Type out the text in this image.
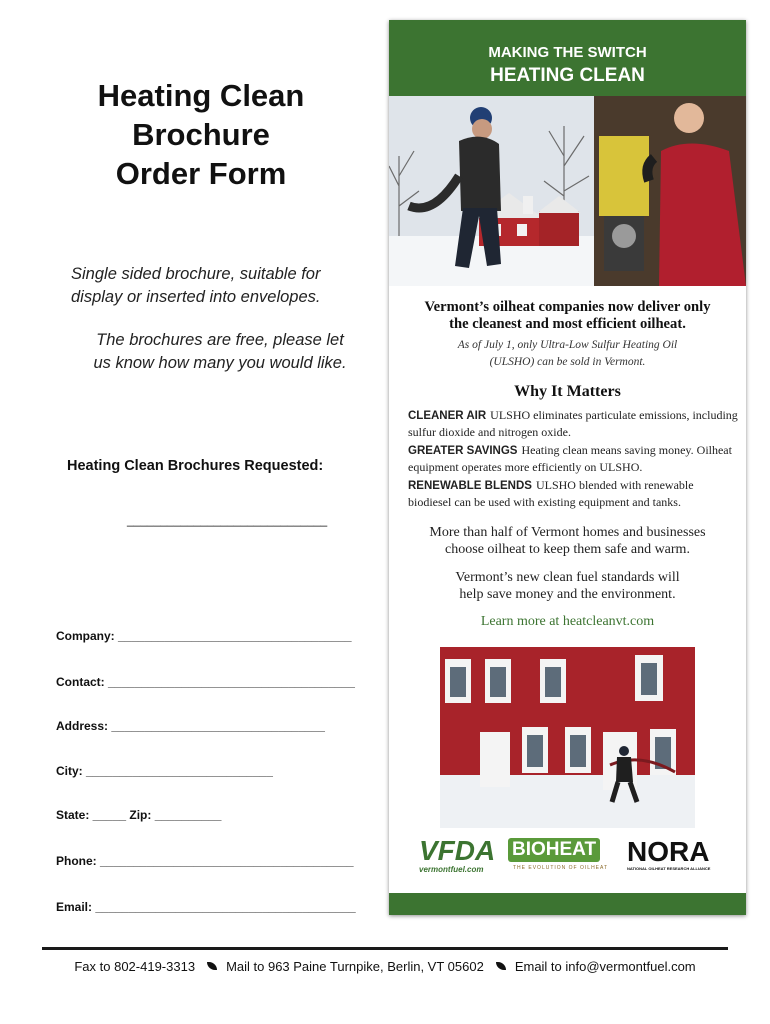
Heating Clean
Brochure
Order Form
Single sided brochure, suitable for
display or inserted into envelopes.
The brochures are free, please let
us know how many you would like.
Heating Clean Brochures Requested:
______________________________
Company: ___________________________________
Contact: _____________________________________
Address: ________________________________
City: ____________________________
State: _____ Zip: __________
Phone: ______________________________________
Email: _______________________________________
MAKING THE SWITCH
HEATING CLEAN
Vermont’s oilheat companies now deliver only
the cleanest and most efficient oilheat.
As of July 1, only Ultra-Low Sulfur Heating Oil
(ULSHO) can be sold in Vermont.
Why It Matters
CLEANER AIR ULSHO eliminates particulate emissions, including sulfur dioxide and nitrogen oxide.
GREATER SAVINGS Heating clean means saving money. Oilheat equipment operates more efficiently on ULSHO.
RENEWABLE BLENDS ULSHO blended with renewable biodiesel can be used with existing equipment and tanks.
More than half of Vermont homes and businesses
choose oilheat to keep them safe and warm.
Vermont’s new clean fuel standards will
help save money and the environment.
Learn more at heatcleanvt.com
VFDA
vermontfuel.com
BIOHEAT
THE EVOLUTION OF OILHEAT
NORA
NATIONAL OILHEAT RESEARCH ALLIANCE
Fax to 802-419-3313 Mail to 963 Paine Turnpike, Berlin, VT 05602 Email to info@vermontfuel.com
